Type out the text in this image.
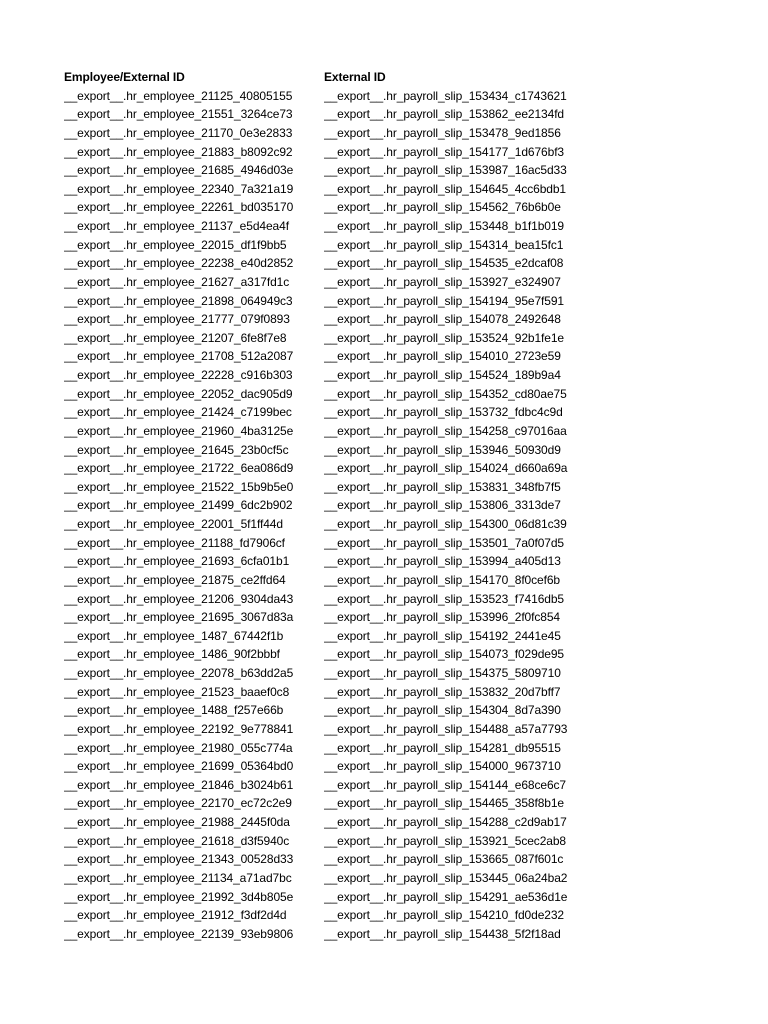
Employee/External ID	External ID
__export__.hr_employee_21125_40805155	__export__.hr_payroll_slip_153434_c1743621
__export__.hr_employee_21551_3264ce73	__export__.hr_payroll_slip_153862_ee2134fd
__export__.hr_employee_21170_0e3e2833	__export__.hr_payroll_slip_153478_9ed1856
__export__.hr_employee_21883_b8092c92	__export__.hr_payroll_slip_154177_1d676bf3
__export__.hr_employee_21685_4946d03e	__export__.hr_payroll_slip_153987_16ac5d33
__export__.hr_employee_22340_7a321a19	__export__.hr_payroll_slip_154645_4cc6bdb1
__export__.hr_employee_22261_bd035170	__export__.hr_payroll_slip_154562_76b6b0e
__export__.hr_employee_21137_e5d4ea4f	__export__.hr_payroll_slip_153448_b1f1b019
__export__.hr_employee_22015_df1f9bb5	__export__.hr_payroll_slip_154314_bea15fc1
__export__.hr_employee_22238_e40d2852	__export__.hr_payroll_slip_154535_e2dcaf08
__export__.hr_employee_21627_a317fd1c	__export__.hr_payroll_slip_153927_e324907
__export__.hr_employee_21898_064949c3	__export__.hr_payroll_slip_154194_95e7f591
__export__.hr_employee_21777_079f0893	__export__.hr_payroll_slip_154078_2492648
__export__.hr_employee_21207_6fe8f7e8	__export__.hr_payroll_slip_153524_92b1fe1e
__export__.hr_employee_21708_512a2087	__export__.hr_payroll_slip_154010_2723e59
__export__.hr_employee_22228_c916b303	__export__.hr_payroll_slip_154524_189b9a4
__export__.hr_employee_22052_dac905d9	__export__.hr_payroll_slip_154352_cd80ae75
__export__.hr_employee_21424_c7199bec	__export__.hr_payroll_slip_153732_fdbc4c9d
__export__.hr_employee_21960_4ba3125e	__export__.hr_payroll_slip_154258_c97016aa
__export__.hr_employee_21645_23b0cf5c	__export__.hr_payroll_slip_153946_50930d9
__export__.hr_employee_21722_6ea086d9	__export__.hr_payroll_slip_154024_d660a69a
__export__.hr_employee_21522_15b9b5e0	__export__.hr_payroll_slip_153831_348fb7f5
__export__.hr_employee_21499_6dc2b902	__export__.hr_payroll_slip_153806_3313de7
__export__.hr_employee_22001_5f1ff44d	__export__.hr_payroll_slip_154300_06d81c39
__export__.hr_employee_21188_fd7906cf	__export__.hr_payroll_slip_153501_7a0f07d5
__export__.hr_employee_21693_6cfa01b1	__export__.hr_payroll_slip_153994_a405d13
__export__.hr_employee_21875_ce2ffd64	__export__.hr_payroll_slip_154170_8f0cef6b
__export__.hr_employee_21206_9304da43	__export__.hr_payroll_slip_153523_f7416db5
__export__.hr_employee_21695_3067d83a	__export__.hr_payroll_slip_153996_2f0fc854
__export__.hr_employee_1487_67442f1b	__export__.hr_payroll_slip_154192_2441e45
__export__.hr_employee_1486_90f2bbbf	__export__.hr_payroll_slip_154073_f029de95
__export__.hr_employee_22078_b63dd2a5	__export__.hr_payroll_slip_154375_5809710
__export__.hr_employee_21523_baaef0c8	__export__.hr_payroll_slip_153832_20d7bff7
__export__.hr_employee_1488_f257e66b	__export__.hr_payroll_slip_154304_8d7a390
__export__.hr_employee_22192_9e778841	__export__.hr_payroll_slip_154488_a57a7793
__export__.hr_employee_21980_055c774a	__export__.hr_payroll_slip_154281_db95515
__export__.hr_employee_21699_05364bd0	__export__.hr_payroll_slip_154000_9673710
__export__.hr_employee_21846_b3024b61	__export__.hr_payroll_slip_154144_e68ce6c7
__export__.hr_employee_22170_ec72c2e9	__export__.hr_payroll_slip_154465_358f8b1e
__export__.hr_employee_21988_2445f0da	__export__.hr_payroll_slip_154288_c2d9ab17
__export__.hr_employee_21618_d3f5940c	__export__.hr_payroll_slip_153921_5cec2ab8
__export__.hr_employee_21343_00528d33	__export__.hr_payroll_slip_153665_087f601c
__export__.hr_employee_21134_a71ad7bc	__export__.hr_payroll_slip_153445_06a24ba2
__export__.hr_employee_21992_3d4b805e	__export__.hr_payroll_slip_154291_ae536d1e
__export__.hr_employee_21912_f3df2d4d	__export__.hr_payroll_slip_154210_fd0de232
__export__.hr_employee_22139_93eb9806	__export__.hr_payroll_slip_154438_5f2f18ad
